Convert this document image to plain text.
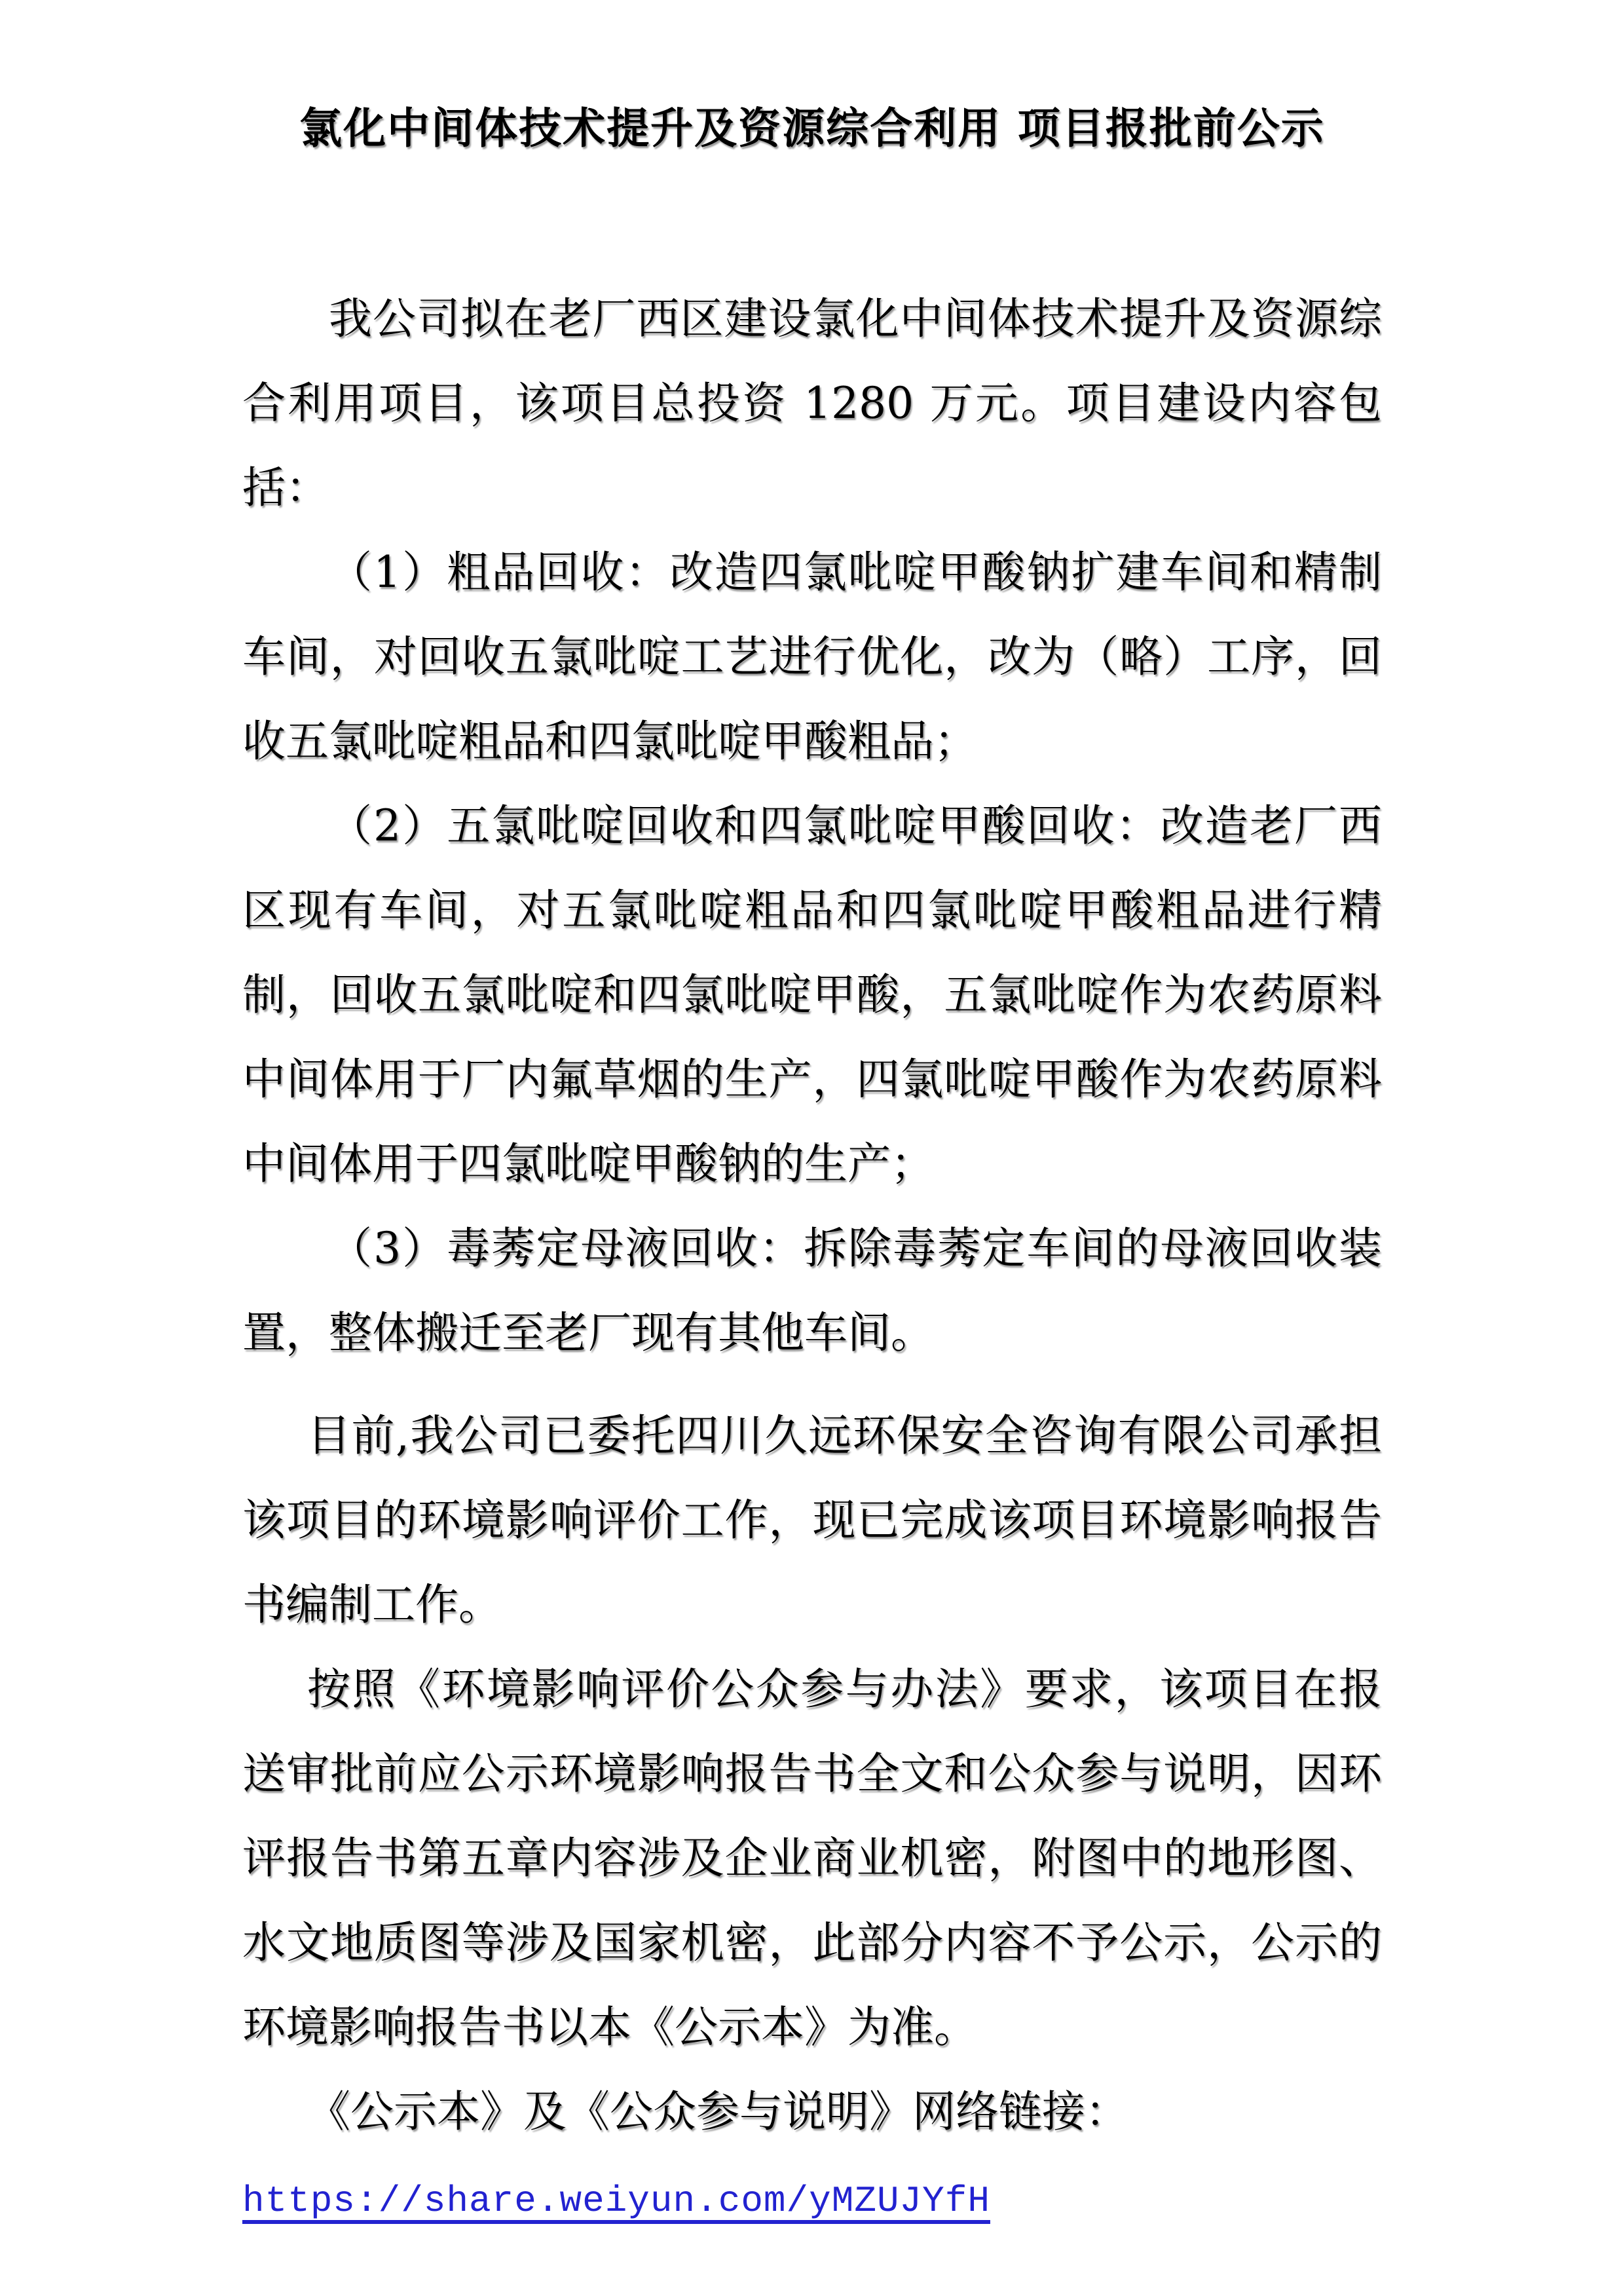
氯化中间体技术提升及资源综合利用 项目报批前公示

我公司拟在老厂西区建设氯化中间体技术提升及资源综合利用项目，该项目总投资 1280 万元。项目建设内容包括：

（1）粗品回收：改造四氯吡啶甲酸钠扩建车间和精制车间，对回收五氯吡啶工艺进行优化，改为（略）工序，回收五氯吡啶粗品和四氯吡啶甲酸粗品；

（2）五氯吡啶回收和四氯吡啶甲酸回收：改造老厂西区现有车间，对五氯吡啶粗品和四氯吡啶甲酸粗品进行精制，回收五氯吡啶和四氯吡啶甲酸，五氯吡啶作为农药原料中间体用于厂内氟草烟的生产，四氯吡啶甲酸作为农药原料中间体用于四氯吡啶甲酸钠的生产；

（3）毒莠定母液回收：拆除毒莠定车间的母液回收装置，整体搬迁至老厂现有其他车间。

目前,我公司已委托四川久远环保安全咨询有限公司承担该项目的环境影响评价工作，现已完成该项目环境影响报告书编制工作。

按照《环境影响评价公众参与办法》要求，该项目在报送审批前应公示环境影响报告书全文和公众参与说明，因环评报告书第五章内容涉及企业商业机密，附图中的地形图、水文地质图等涉及国家机密，此部分内容不予公示，公示的环境影响报告书以本《公示本》为准。

《公示本》及《公众参与说明》网络链接：

https://share.weiyun.com/yMZUJYfH
